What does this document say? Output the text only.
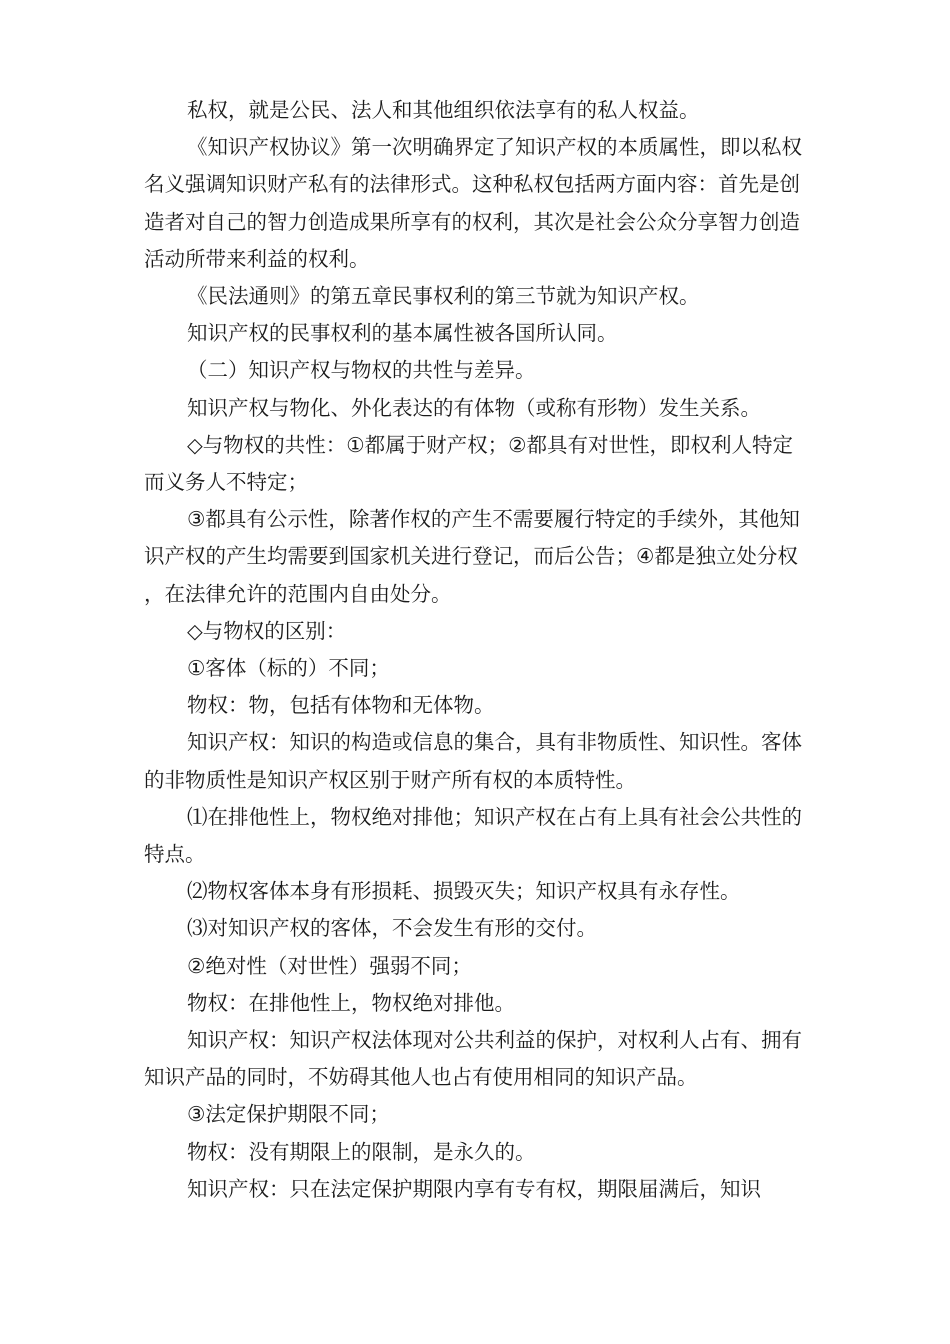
私权，就是公民、法人和其他组织依法享有的私人权益。

《知识产权协议》第一次明确界定了知识产权的本质属性，即以私权名义强调知识财产私有的法律形式。这种私权包括两方面内容：首先是创造者对自己的智力创造成果所享有的权利，其次是社会公众分享智力创造活动所带来利益的权利。

《民法通则》的第五章民事权利的第三节就为知识产权。

知识产权的民事权利的基本属性被各国所认同。

（二）知识产权与物权的共性与差异。

知识产权与物化、外化表达的有体物（或称有形物）发生关系。

◇与物权的共性：①都属于财产权；②都具有对世性，即权利人特定而义务人不特定；

③都具有公示性，除著作权的产生不需要履行特定的手续外，其他知识产权的产生均需要到国家机关进行登记，而后公告；④都是独立处分权，在法律允许的范围内自由处分。

◇与物权的区别：

①客体（标的）不同；

物权：物，包括有体物和无体物。

知识产权：知识的构造或信息的集合，具有非物质性、知识性。客体的非物质性是知识产权区别于财产所有权的本质特性。

⑴在排他性上，物权绝对排他；知识产权在占有上具有社会公共性的特点。

⑵物权客体本身有形损耗、损毁灭失；知识产权具有永存性。

⑶对知识产权的客体，不会发生有形的交付。

②绝对性（对世性）强弱不同；

物权：在排他性上，物权绝对排他。

知识产权：知识产权法体现对公共利益的保护，对权利人占有、拥有知识产品的同时，不妨碍其他人也占有使用相同的知识产品。

③法定保护期限不同；

物权：没有期限上的限制，是永久的。

知识产权：只在法定保护期限内享有专有权，期限届满后，知识
